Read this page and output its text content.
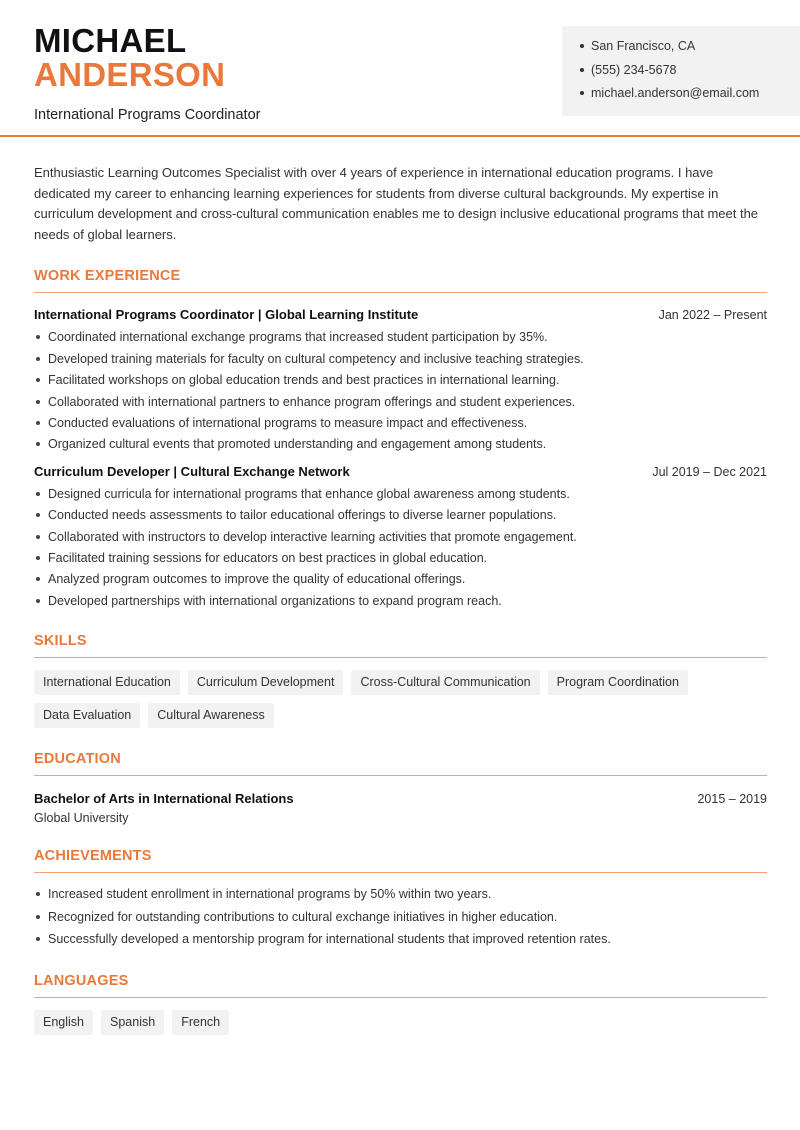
MICHAEL
ANDERSON
International Programs Coordinator
San Francisco, CA
(555) 234-5678
michael.anderson@email.com

Enthusiastic Learning Outcomes Specialist with over 4 years of experience in international education programs. I have dedicated my career to enhancing learning experiences for students from diverse cultural backgrounds. My expertise in curriculum development and cross-cultural communication enables me to design inclusive educational programs that meet the needs of global learners.

WORK EXPERIENCE
International Programs Coordinator | Global Learning Institute	Jan 2022 – Present
Coordinated international exchange programs that increased student participation by 35%.
Developed training materials for faculty on cultural competency and inclusive teaching strategies.
Facilitated workshops on global education trends and best practices in international learning.
Collaborated with international partners to enhance program offerings and student experiences.
Conducted evaluations of international programs to measure impact and effectiveness.
Organized cultural events that promoted understanding and engagement among students.
Curriculum Developer | Cultural Exchange Network	Jul 2019 – Dec 2021
Designed curricula for international programs that enhance global awareness among students.
Conducted needs assessments to tailor educational offerings to diverse learner populations.
Collaborated with instructors to develop interactive learning activities that promote engagement.
Facilitated training sessions for educators on best practices in global education.
Analyzed program outcomes to improve the quality of educational offerings.
Developed partnerships with international organizations to expand program reach.
SKILLS
International Education	Curriculum Development	Cross-Cultural Communication	Program Coordination
Data Evaluation	Cultural Awareness
EDUCATION
Bachelor of Arts in International Relations	2015 – 2019
Global University
ACHIEVEMENTS
Increased student enrollment in international programs by 50% within two years.
Recognized for outstanding contributions to cultural exchange initiatives in higher education.
Successfully developed a mentorship program for international students that improved retention rates.
LANGUAGES
English	Spanish	French
